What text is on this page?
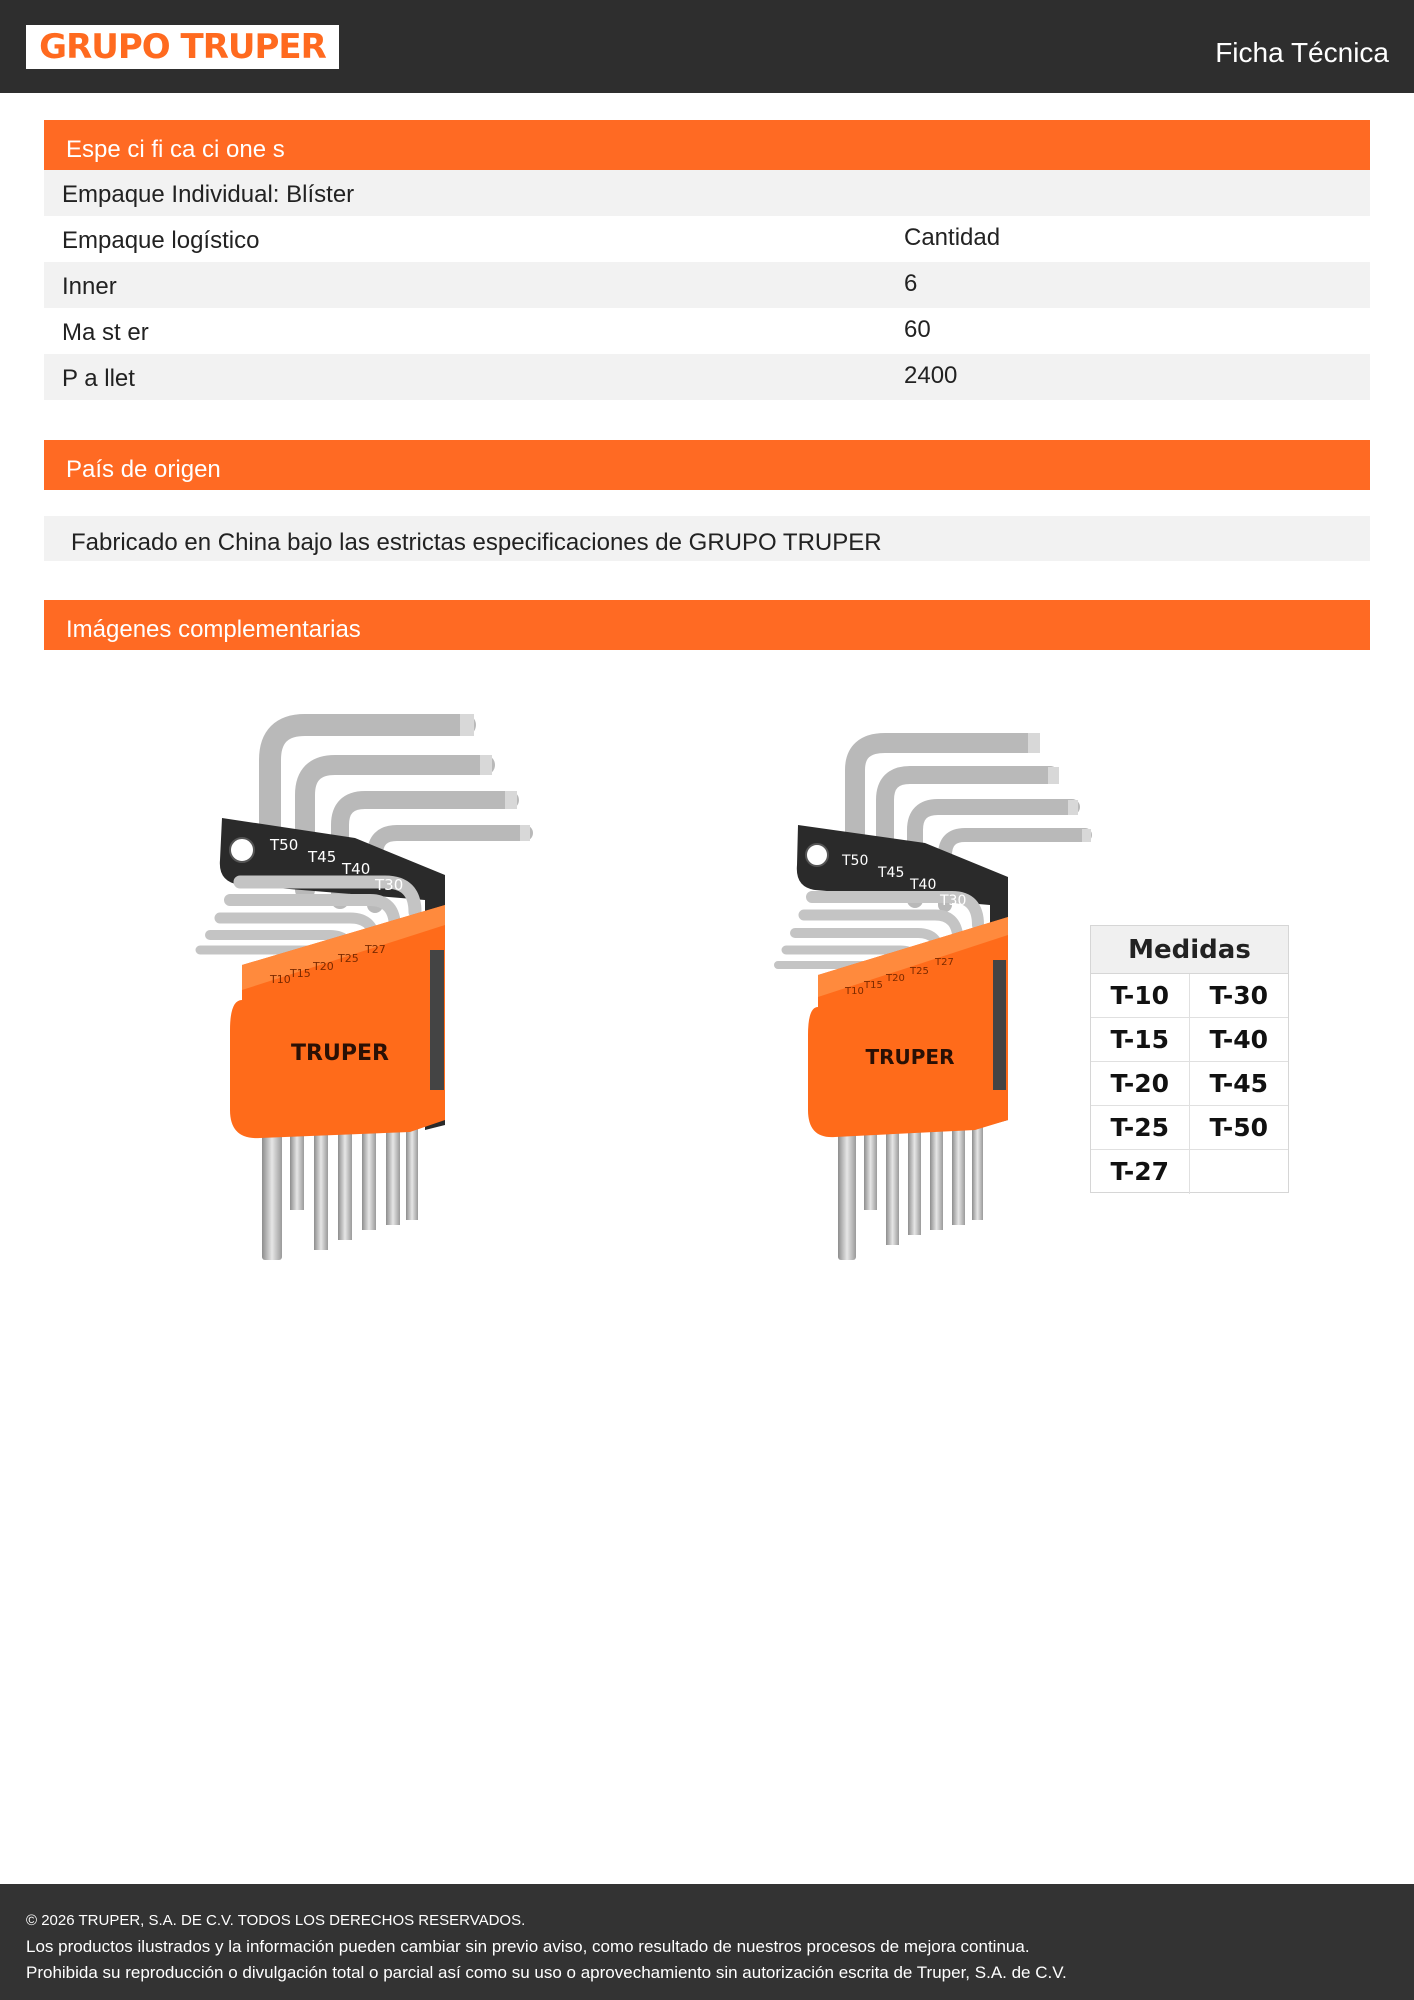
GRUPO TRUPER	Ficha Técnica
Espe ci fi ca ci one s
Empaque Individual: Blíster
Empaque logístico	Cantidad
Inner	6
Ma st er	60
P a llet	2400
País de origen
Fabricado en China bajo las estrictas especificaciones de GRUPO TRUPER
Imágenes complementarias
TRUPER
T50
T45
T40
T30
T27
T25
T20
T15
T10
TRUPER
T50
T45
T40
T30
T27
T25
T20
T15
T10
Medidas
T-10	T-30
T-15	T-40
T-20	T-45
T-25	T-50
T-27

© 2026 TRUPER, S.A. DE C.V. TODOS LOS DERECHOS RESERVADOS.

Los productos ilustrados y la información pueden cambiar sin previo aviso, como resultado de nuestros procesos de mejora continua.

Prohibida su reproducción o divulgación total o parcial así como su uso o aprovechamiento sin autorización escrita de Truper, S.A. de C.V.
